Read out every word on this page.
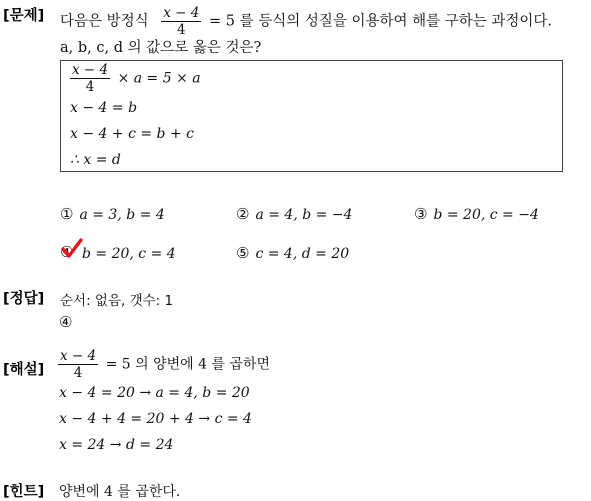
[문제] 다음은 방정식 $\frac{x - 4}{4} = 5$ 를 등식의 성질을 이용하여 해를 구하는 과정이다.
a, b, c, d 의 값으로 옳은 것은?
$\frac{x - 4}{4} \times a = 5 \times a$
x − 4 = b
x − 4 + c = b + c
∴ x = d
① a = 3, b = 4	② a = 4, b = −4	③ b = 20, c = −4
④ b = 20, c = 4	⑤ c = 4, d = 20
[정답] 순서: 없음, 갯수: 1
④
[해설] $\frac{x - 4}{4} = 5$ 의 양변에 4 를 곱하면
x − 4 = 20 → a = 4, b = 20
x − 4 + 4 = 20 + 4 → c = 4
x = 24 → d = 24
[힌트] 양변에 4 를 곱한다.
